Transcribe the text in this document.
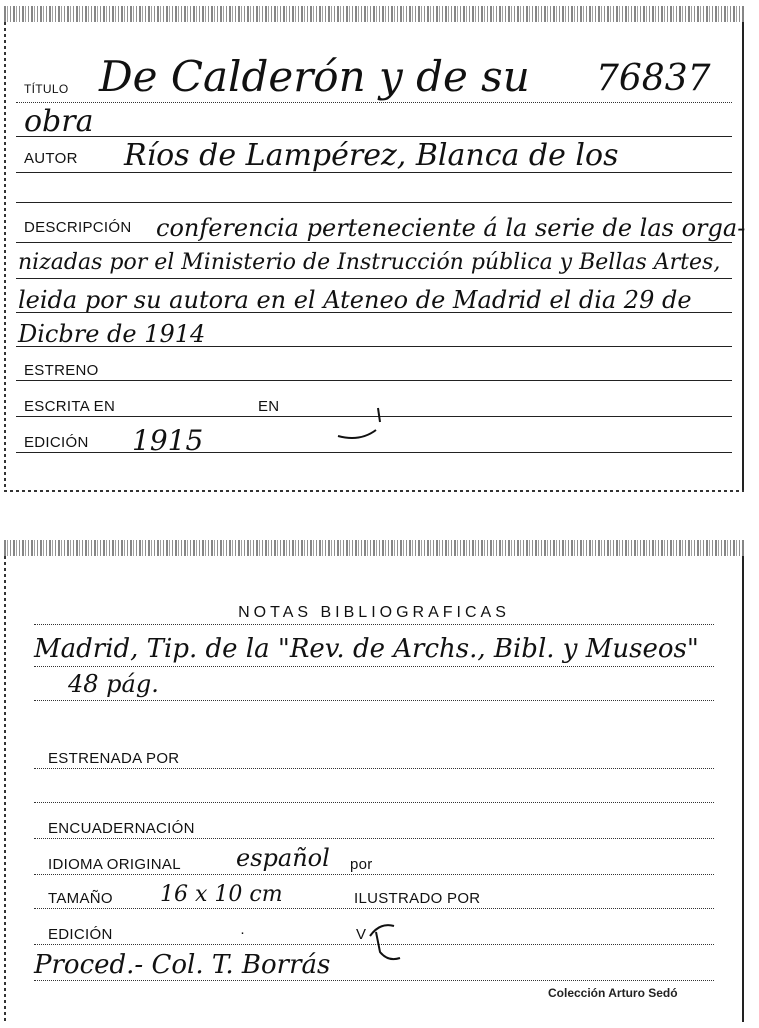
TÍTULO De Calderón y de su 76837
obra
AUTOR Ríos de Lampérez, Blanca de los
DESCRIPCIÓN conferencia perteneciente á la serie de las orga-
nizadas por el Ministerio de Instrucción pública y Bellas Artes,
leida por su autora en el Ateneo de Madrid el dia 29 de
Dicbre de 1914
ESTRENO
ESCRITA EN	EN
EDICIÓN 1915
NOTAS BIBLIOGRAFICAS
Madrid, Tip. de la "Rev. de Archs., Bibl. y Museos"
48 pág.
ESTRENADA POR
ENCUADERNACIÓN
IDIOMA ORIGINAL español por
TAMAÑO 16 x 10 cm	ILUSTRADO POR
EDICIÓN	·	V
Proced.- Col. T. Borrás
Colección Arturo Sedó
